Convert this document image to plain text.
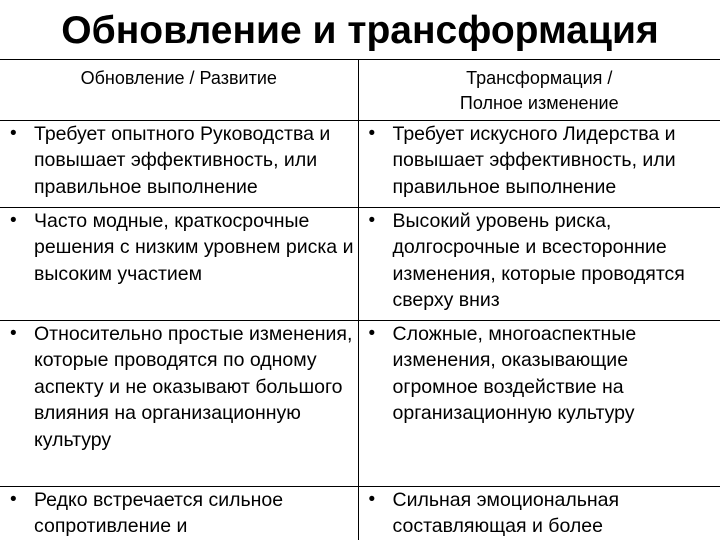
Обновление и трансформация
Обновление / Развитие	Трансформация /
Полное изменение

• Требует опытного Руководства и повышает эффективность, или правильное выполнение	• Требует искусного Лидерства и повышает эффективность, или правильное выполнение

• Часто модные, краткосрочные решения с низким уровнем риска и высоким участием	• Высокий уровень риска, долгосрочные и всесторонние изменения, которые проводятся сверху вниз

• Относительно простые изменения, которые проводятся по одному аспекту и не оказывают большого влияния на организационную культуру	• Сложные, многоаспектные изменения, оказывающие огромное воздействие на организационную культуру

• Редко встречается сильное сопротивление и	• Сильная эмоциональная составляющая и более
